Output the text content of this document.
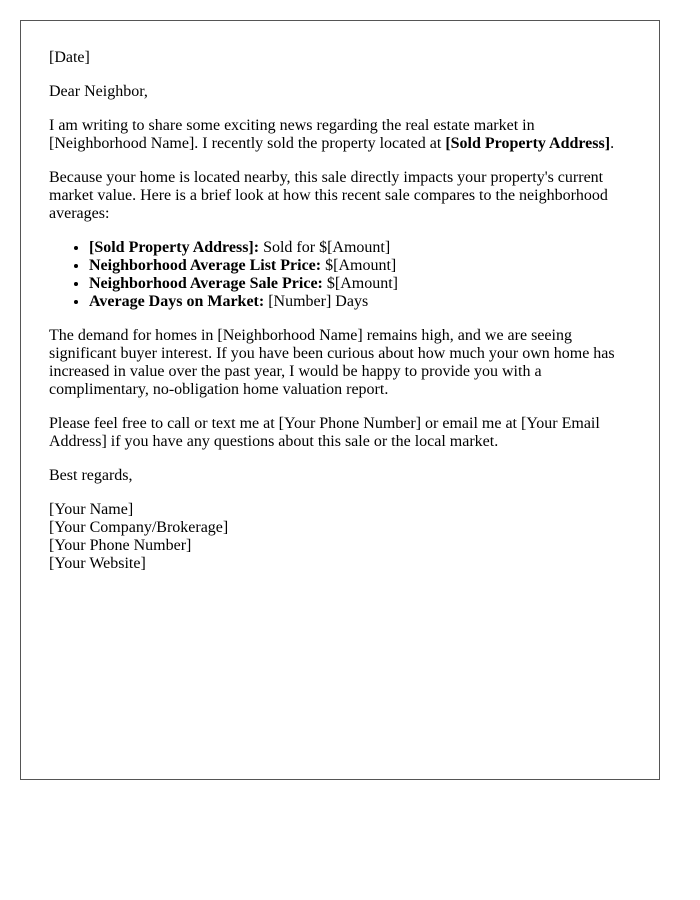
[Date]

Dear Neighbor,

I am writing to share some exciting news regarding the real estate market in [Neighborhood Name]. I recently sold the property located at [Sold Property Address].

Because your home is located nearby, this sale directly impacts your property's current market value. Here is a brief look at how this recent sale compares to the neighborhood averages:

• [Sold Property Address]: Sold for $[Amount]
• Neighborhood Average List Price: $[Amount]
• Neighborhood Average Sale Price: $[Amount]
• Average Days on Market: [Number] Days

The demand for homes in [Neighborhood Name] remains high, and we are seeing significant buyer interest. If you have been curious about how much your own home has increased in value over the past year, I would be happy to provide you with a complimentary, no-obligation home valuation report.

Please feel free to call or text me at [Your Phone Number] or email me at [Your Email Address] if you have any questions about this sale or the local market.

Best regards,

[Your Name]
[Your Company/Brokerage]
[Your Phone Number]
[Your Website]
